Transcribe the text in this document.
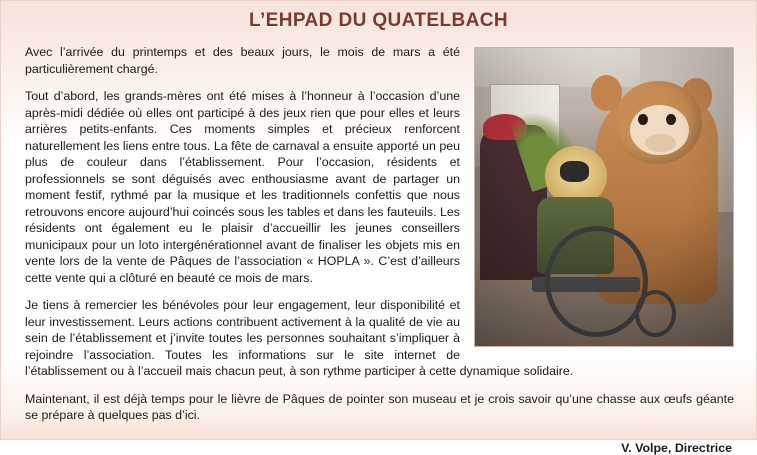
L’EHPAD DU QUATELBACH

Avec l’arrivée du printemps et des beaux jours, le mois de mars a été particulièrement chargé.

Tout d’abord, les grands-mères ont été mises à l’honneur à l’occasion d’une après-midi dédiée où elles ont participé à des jeux rien que pour elles et leurs arrières petits-enfants. Ces moments simples et précieux renforcent naturellement les liens entre tous. La fête de carnaval a ensuite apporté un peu plus de couleur dans l’établissement. Pour l’occasion, résidents et professionnels se sont déguisés avec enthousiasme avant de partager un moment festif, rythmé par la musique et les traditionnels confettis que nous retrouvons encore aujourd’hui coincés sous les tables et dans les fauteuils. Les résidents ont également eu le plaisir d’accueillir les jeunes conseillers municipaux pour un loto intergénérationnel avant de finaliser les objets mis en vente lors de la vente de Pâques de l’association « HOPLA ». C’est d’ailleurs cette vente qui a clôturé en beauté ce mois de mars.

Je tiens à remercier les bénévoles pour leur engagement, leur disponibilité et leur investissement. Leurs actions contribuent activement à la qualité de vie au sein de l’établissement et j’invite toutes les personnes souhaitant s’impliquer à rejoindre l’association. Toutes les informations sur le site internet de l’établissement ou à l’accueil mais chacun peut, à son rythme participer à cette dynamique solidaire.

Maintenant, il est déjà temps pour le lièvre de Pâques de pointer son museau et je crois savoir qu’une chasse aux œufs géante se prépare à quelques pas d’ici.

V. Volpe, Directrice
